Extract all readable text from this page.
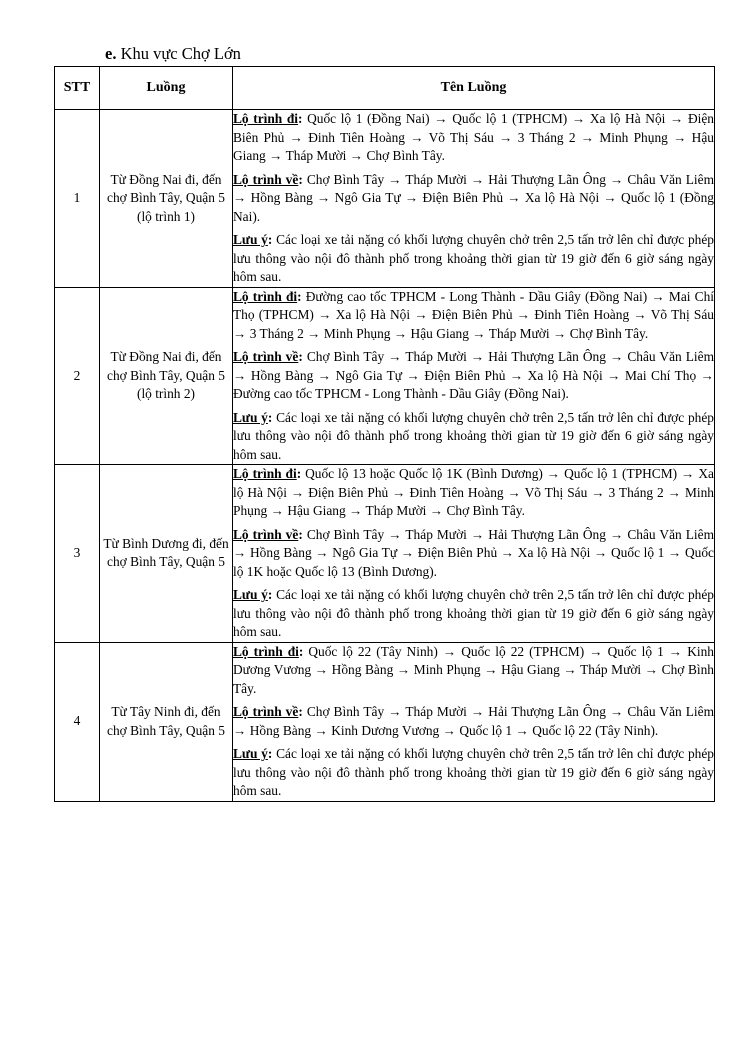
e. Khu vực Chợ Lớn
STT	Luồng	Tên Luồng
1	Từ Đồng Nai đi, đến chợ Bình Tây, Quận 5 (lộ trình 1)	Lộ trình đi: Quốc lộ 1 (Đồng Nai) → Quốc lộ 1 (TPHCM) → Xa lộ Hà Nội → Điện Biên Phủ → Đinh Tiên Hoàng → Võ Thị Sáu → 3 Tháng 2 → Minh Phụng → Hậu Giang → Tháp Mười → Chợ Bình Tây.

Lộ trình về: Chợ Bình Tây → Tháp Mười → Hải Thượng Lãn Ông → Châu Văn Liêm → Hồng Bàng → Ngô Gia Tự → Điện Biên Phủ → Xa lộ Hà Nội → Quốc lộ 1 (Đồng Nai).

Lưu ý: Các loại xe tải nặng có khối lượng chuyên chở trên 2,5 tấn trở lên chỉ được phép lưu thông vào nội đô thành phố trong khoảng thời gian từ 19 giờ đến 6 giờ sáng ngày hôm sau.

2	Từ Đồng Nai đi, đến chợ Bình Tây, Quận 5 (lộ trình 2)	Lộ trình đi: Đường cao tốc TPHCM - Long Thành - Dầu Giây (Đồng Nai) → Mai Chí Thọ (TPHCM) → Xa lộ Hà Nội → Điện Biên Phủ → Đinh Tiên Hoàng → Võ Thị Sáu → 3 Tháng 2 → Minh Phụng → Hậu Giang → Tháp Mười → Chợ Bình Tây.

Lộ trình về: Chợ Bình Tây → Tháp Mười → Hải Thượng Lãn Ông → Châu Văn Liêm → Hồng Bàng → Ngô Gia Tự → Điện Biên Phủ → Xa lộ Hà Nội → Mai Chí Thọ → Đường cao tốc TPHCM - Long Thành - Dầu Giây (Đồng Nai).

Lưu ý: Các loại xe tải nặng có khối lượng chuyên chở trên 2,5 tấn trở lên chỉ được phép lưu thông vào nội đô thành phố trong khoảng thời gian từ 19 giờ đến 6 giờ sáng ngày hôm sau.

3	Từ Bình Dương đi, đến chợ Bình Tây, Quận 5	Lộ trình đi: Quốc lộ 13 hoặc Quốc lộ 1K (Bình Dương) → Quốc lộ 1 (TPHCM) → Xa lộ Hà Nội → Điện Biên Phủ → Đinh Tiên Hoàng → Võ Thị Sáu → 3 Tháng 2 → Minh Phụng → Hậu Giang → Tháp Mười → Chợ Bình Tây.

Lộ trình về: Chợ Bình Tây → Tháp Mười → Hải Thượng Lãn Ông → Châu Văn Liêm → Hồng Bàng → Ngô Gia Tự → Điện Biên Phủ → Xa lộ Hà Nội → Quốc lộ 1 → Quốc lộ 1K hoặc Quốc lộ 13 (Bình Dương).

Lưu ý: Các loại xe tải nặng có khối lượng chuyên chở trên 2,5 tấn trở lên chỉ được phép lưu thông vào nội đô thành phố trong khoảng thời gian từ 19 giờ đến 6 giờ sáng ngày hôm sau.

4	Từ Tây Ninh đi, đến chợ Bình Tây, Quận 5	Lộ trình đi: Quốc lộ 22 (Tây Ninh) → Quốc lộ 22 (TPHCM) → Quốc lộ 1 → Kinh Dương Vương → Hồng Bàng → Minh Phụng → Hậu Giang → Tháp Mười → Chợ Bình Tây.

Lộ trình về: Chợ Bình Tây → Tháp Mười → Hải Thượng Lãn Ông → Châu Văn Liêm → Hồng Bàng → Kinh Dương Vương → Quốc lộ 1 → Quốc lộ 22 (Tây Ninh).

Lưu ý: Các loại xe tải nặng có khối lượng chuyên chở trên 2,5 tấn trở lên chỉ được phép lưu thông vào nội đô thành phố trong khoảng thời gian từ 19 giờ đến 6 giờ sáng ngày hôm sau.
